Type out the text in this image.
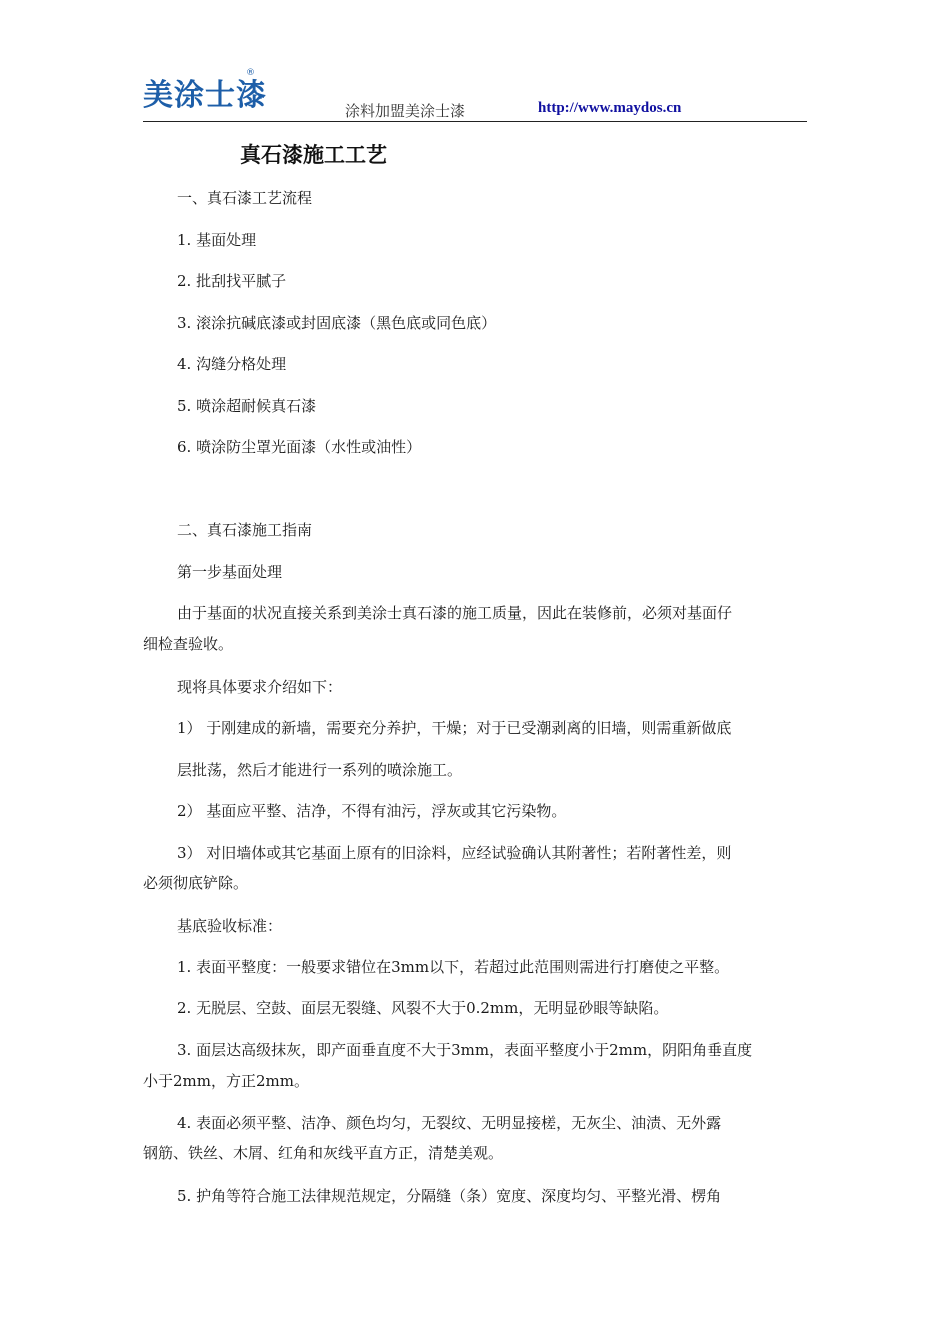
美涂士漆
®
涂料加盟美涂士漆	http://www.maydos.cn
真石漆施工工艺
一、真石漆工艺流程
1. 基面处理
2. 批刮找平腻子
3. 滚涂抗碱底漆或封固底漆（黑色底或同色底）
4. 沟缝分格处理
5. 喷涂超耐候真石漆
6. 喷涂防尘罩光面漆（水性或油性）
二、真石漆施工指南
第一步基面处理
由于基面的状况直接关系到美涂士真石漆的施工质量，因此在装修前，必须对基面仔
细检查验收。
现将具体要求介绍如下：
1） 于刚建成的新墙，需要充分养护，干燥；对于已受潮剥离的旧墙，则需重新做底
层批荡，然后才能进行一系列的喷涂施工。
2） 基面应平整、洁净，不得有油污，浮灰或其它污染物。
3） 对旧墙体或其它基面上原有的旧涂料，应经试验确认其附著性；若附著性差，则
必须彻底铲除。
基底验收标准：
1. 表面平整度：一般要求错位在3mm以下，若超过此范围则需进行打磨使之平整。
2. 无脱层、空鼓、面层无裂缝、风裂不大于0.2mm，无明显砂眼等缺陷。
3. 面层达高级抹灰，即产面垂直度不大于3mm，表面平整度小于2mm，阴阳角垂直度
小于2mm，方正2mm。
4. 表面必须平整、洁净、颜色均匀，无裂纹、无明显接槎，无灰尘、油渍、无外露
钢筋、铁丝、木屑、红角和灰线平直方正，清楚美观。
5. 护角等符合施工法律规范规定，分隔缝（条）宽度、深度均匀、平整光滑、楞角
